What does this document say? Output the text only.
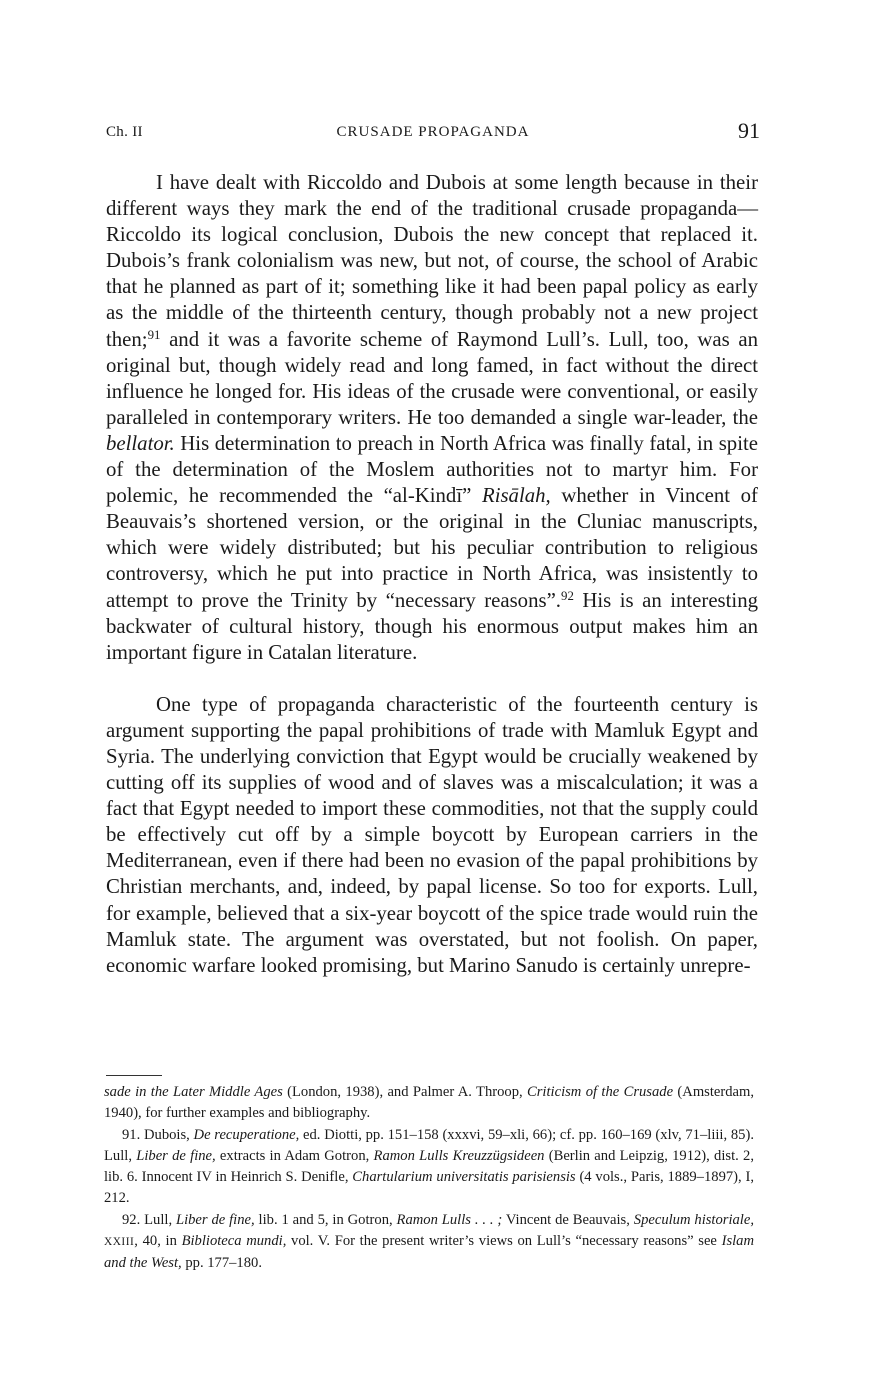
Ch. II	CRUSADE PROPAGANDA	91

I have dealt with Riccoldo and Dubois at some length because in their different ways they mark the end of the traditional crusade propaganda—Riccoldo its logical conclusion, Dubois the new concept that replaced it. Dubois’s frank colonialism was new, but not, of course, the school of Arabic that he planned as part of it; something like it had been papal policy as early as the middle of the thirteenth century, though probably not a new project then;$^{91}$ and it was a favorite scheme of Raymond Lull’s. Lull, too, was an original but, though widely read and long famed, in fact without the direct influence he longed for. His ideas of the crusade were conventional, or easily paralleled in contemporary writers. He too demanded a single war-leader, the bellator. His determination to preach in North Africa was finally fatal, in spite of the determination of the Moslem authorities not to martyr him. For polemic, he recommended the “al-Kindī” Risālah, whether in Vincent of Beauvais’s shortened version, or the original in the Cluniac manuscripts, which were widely distributed; but his peculiar contribution to religious controversy, which he put into practice in North Africa, was insistently to attempt to prove the Trinity by “necessary reasons”.$^{92}$ His is an interesting backwater of cultural history, though his enormous output makes him an important figure in Catalan literature.

One type of propaganda characteristic of the fourteenth century is argument supporting the papal prohibitions of trade with Mamluk Egypt and Syria. The underlying conviction that Egypt would be crucially weakened by cutting off its supplies of wood and of slaves was a miscalculation; it was a fact that Egypt needed to import these commodities, not that the supply could be effectively cut off by a simple boycott by European carriers in the Mediterranean, even if there had been no evasion of the papal prohibitions by Christian merchants, and, indeed, by papal license. So too for exports. Lull, for example, believed that a six-year boycott of the spice trade would ruin the Mamluk state. The argument was overstated, but not foolish. On paper, economic warfare looked promising, but Marino Sanudo is certainly unrepre-

sade in the Later Middle Ages (London, 1938), and Palmer A. Throop, Criticism of the Crusade (Amsterdam, 1940), for further examples and bibliography.

91. Dubois, De recuperatione, ed. Diotti, pp. 151–158 (xxxvi, 59–xli, 66); cf. pp. 160–169 (xlv, 71–liii, 85). Lull, Liber de fine, extracts in Adam Gotron, Ramon Lulls Kreuzzügsideen (Berlin and Leipzig, 1912), dist. 2, lib. 6. Innocent IV in Heinrich S. Denifle, Chartularium universitatis parisiensis (4 vols., Paris, 1889–1897), I, 212.

92. Lull, Liber de fine, lib. 1 and 5, in Gotron, Ramon Lulls . . . ; Vincent de Beauvais, Speculum historiale, XXIII, 40, in Biblioteca mundi, vol. V. For the present writer’s views on Lull’s “necessary reasons” see Islam and the West, pp. 177–180.
